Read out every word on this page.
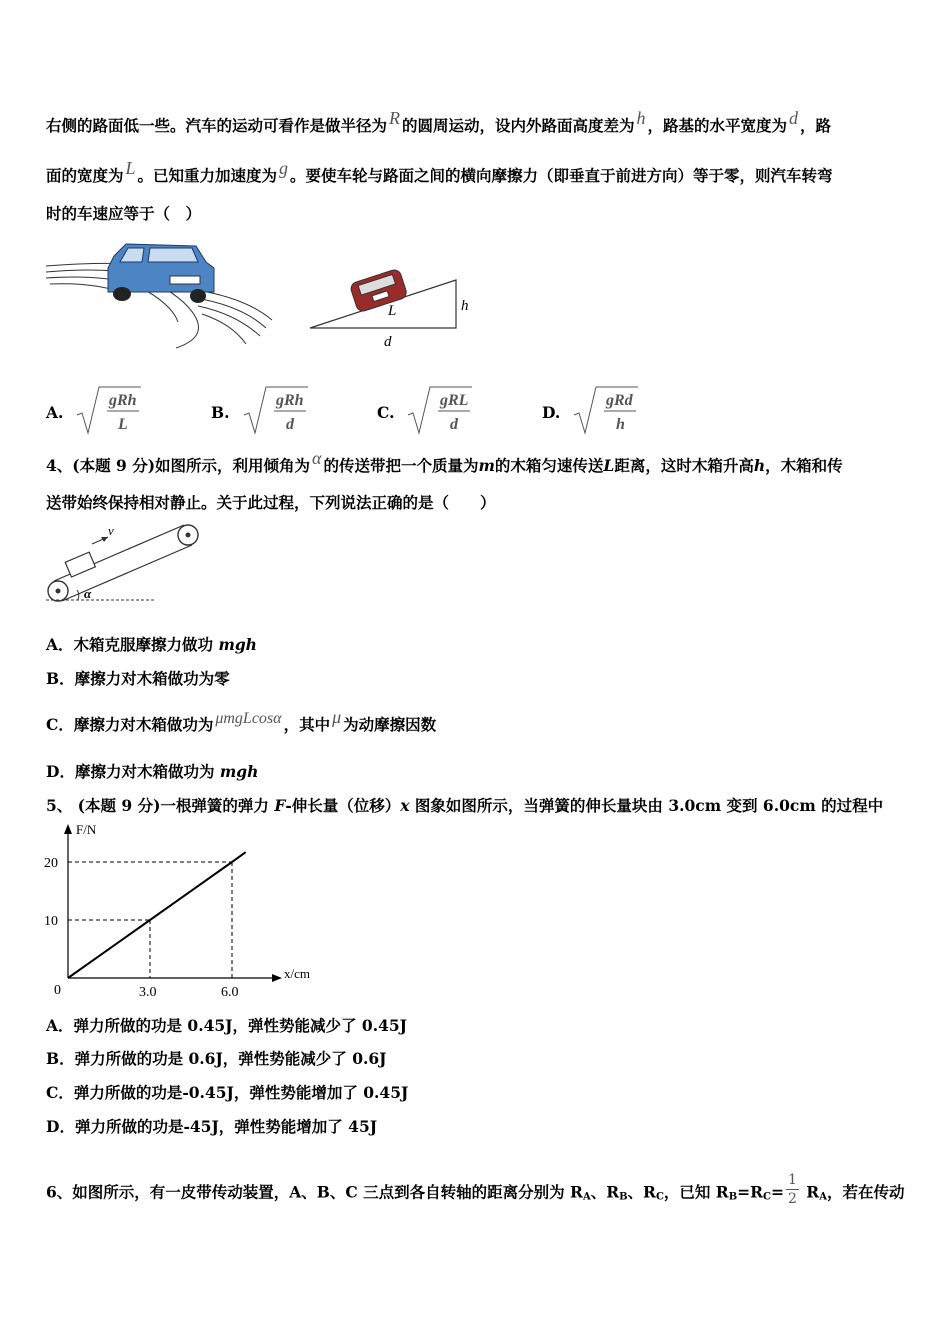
右侧的路面低一些。汽车的运动可看作是做半径为 R 的圆周运动，设内外路面高度差为 h ，路基的水平宽度为 d ，路
面的宽度为 L 。已知重力加速度为 g 。要使车轮与路面之间的横向摩擦力（即垂直于前进方向）等于零，则汽车转弯
时的车速应等于（　）
L	h
d
A.
gRh
L
B.
gRh
d
C.
gRL
d
D.
gRd
h
4、(本题 9 分)如图所示，利用倾角为 α 的传送带把一个质量为m的木箱匀速传送L距离，这时木箱升高h，木箱和传
送带始终保持相对静止。关于此过程，下列说法正确的是（　　）
v
α
A．木箱克服摩擦力做功 mgh
B．摩擦力对木箱做功为零
C．摩擦力对木箱做功为 μmgLcosα ，其中 μ 为动摩擦因数
D．摩擦力对木箱做功为 mgh
5、 (本题 9 分)一根弹簧的弹力 F-伸长量（位移）x 图象如图所示，当弹簧的伸长量块由 3.0cm 变到 6.0cm 的过程中
F/N
x/cm
0	3.0	6.0
10
20
A．弹力所做的功是 0.45J，弹性势能减少了 0.45J
B．弹力所做的功是 0.6J，弹性势能减少了 0.6J
C．弹力所做的功是-0.45J，弹性势能增加了 0.45J
D．弹力所做的功是-45J，弹性势能增加了 45J
6、如图所示，有一皮带传动装置，A、B、C 三点到各自转轴的距离分别为 $R_A$、$R_B$、$R_C$，已知 $R_B=R_C= \frac{1}{2} R_A$，若在传动
